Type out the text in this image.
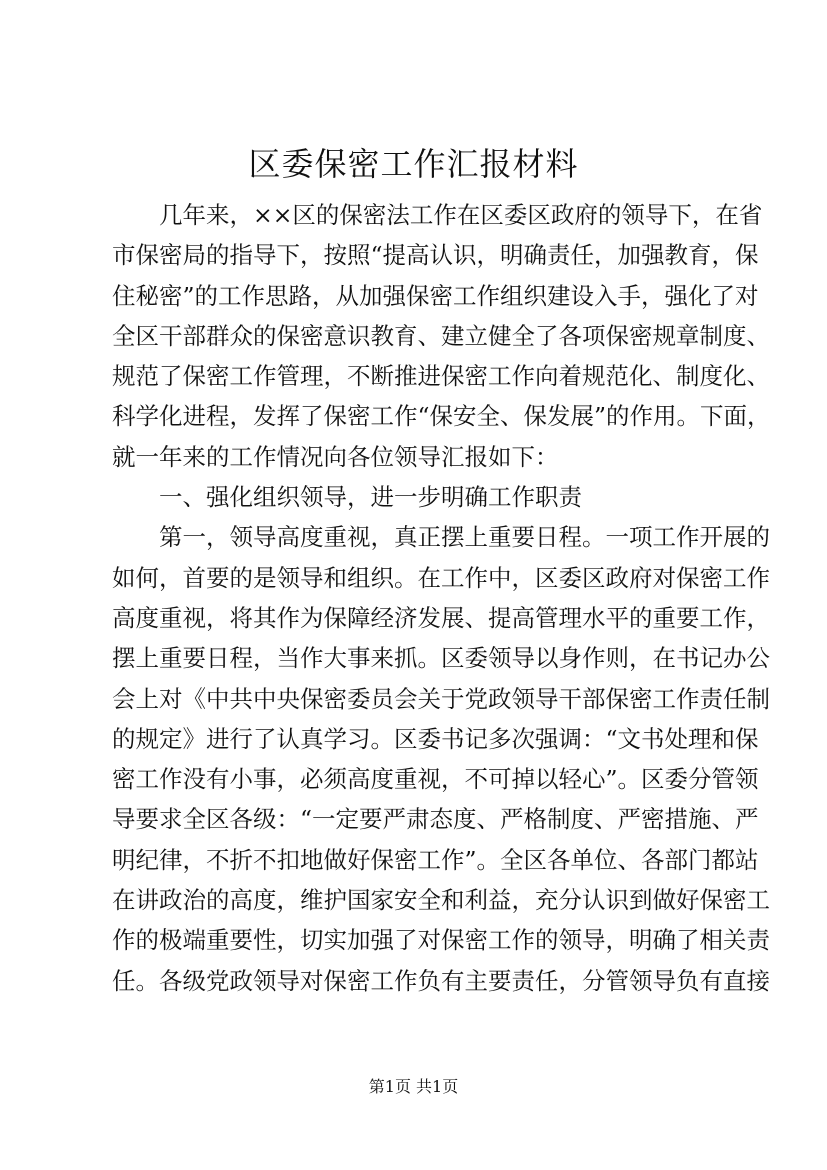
区委保密工作汇报材料

　　几年来，××区的保密法工作在区委区政府的领导下，在省

市保密局的指导下，按照“提高认识，明确责任，加强教育，保

住秘密”的工作思路，从加强保密工作组织建设入手，强化了对

全区干部群众的保密意识教育、建立健全了各项保密规章制度、

规范了保密工作管理，不断推进保密工作向着规范化、制度化、

科学化进程，发挥了保密工作“保安全、保发展”的作用。下面，

就一年来的工作情况向各位领导汇报如下：

　　一、强化组织领导，进一步明确工作职责

　　第一，领导高度重视，真正摆上重要日程。一项工作开展的

如何，首要的是领导和组织。在工作中，区委区政府对保密工作

高度重视，将其作为保障经济发展、提高管理水平的重要工作，

摆上重要日程，当作大事来抓。区委领导以身作则，在书记办公

会上对《中共中央保密委员会关于党政领导干部保密工作责任制

的规定》进行了认真学习。区委书记多次强调：“文书处理和保

密工作没有小事，必须高度重视，不可掉以轻心”。区委分管领

导要求全区各级：“一定要严肃态度、严格制度、严密措施、严

明纪律，不折不扣地做好保密工作”。全区各单位、各部门都站

在讲政治的高度，维护国家安全和利益，充分认识到做好保密工

作的极端重要性，切实加强了对保密工作的领导，明确了相关责

任。各级党政领导对保密工作负有主要责任，分管领导负有直接

第1页 共1页
